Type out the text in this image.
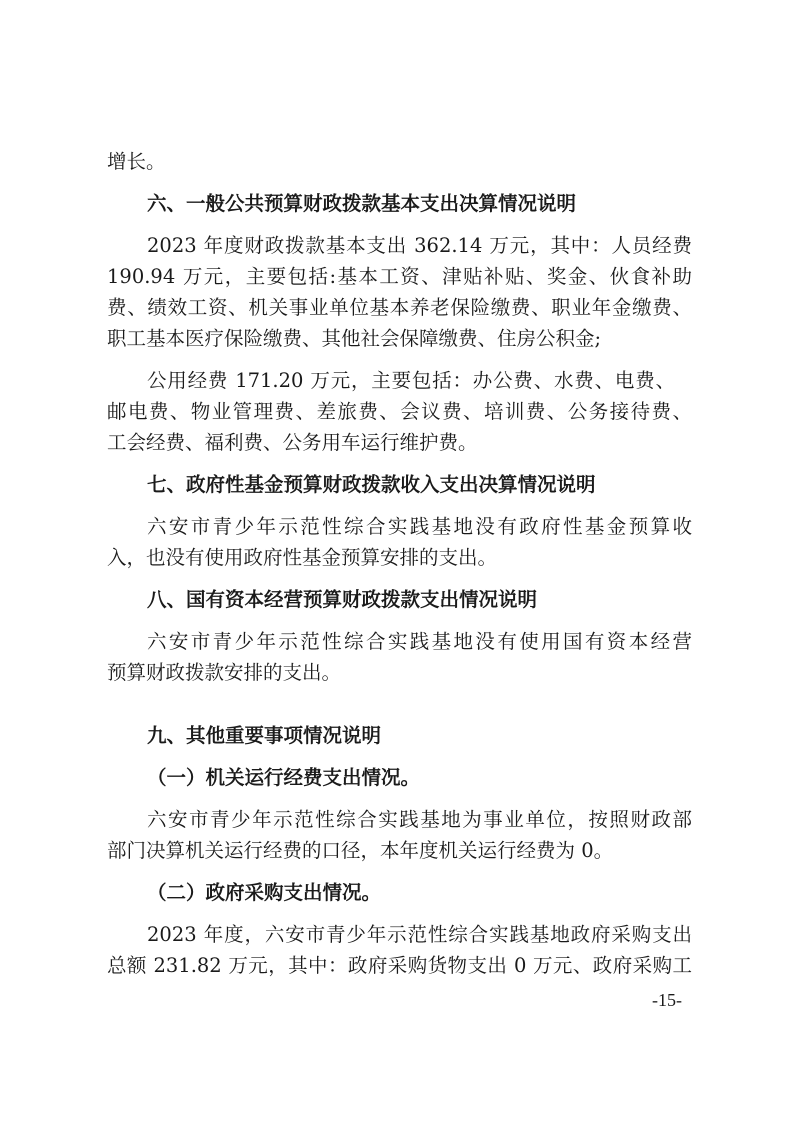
增长。
六、一般公共预算财政拨款基本支出决算情况说明
2023 年度财政拨款基本支出 362.14 万元，其中：人员经费
190.94 万元，主要包括:基本工资、津贴补贴、奖金、伙食补助
费、绩效工资、机关事业单位基本养老保险缴费、职业年金缴费、
职工基本医疗保险缴费、其他社会保障缴费、住房公积金;
公用经费 171.20 万元，主要包括：办公费、水费、电费、
邮电费、物业管理费、差旅费、会议费、培训费、公务接待费、
工会经费、福利费、公务用车运行维护费。
七、政府性基金预算财政拨款收入支出决算情况说明
六安市青少年示范性综合实践基地没有政府性基金预算收
入，也没有使用政府性基金预算安排的支出。
八、国有资本经营预算财政拨款支出情况说明
六安市青少年示范性综合实践基地没有使用国有资本经营
预算财政拨款安排的支出。
九、其他重要事项情况说明
（一）机关运行经费支出情况。
六安市青少年示范性综合实践基地为事业单位，按照财政部
部门决算机关运行经费的口径，本年度机关运行经费为 0。
（二）政府采购支出情况。
2023 年度，六安市青少年示范性综合实践基地政府采购支出
总额 231.82 万元，其中：政府采购货物支出 0 万元、政府采购工
-15-
